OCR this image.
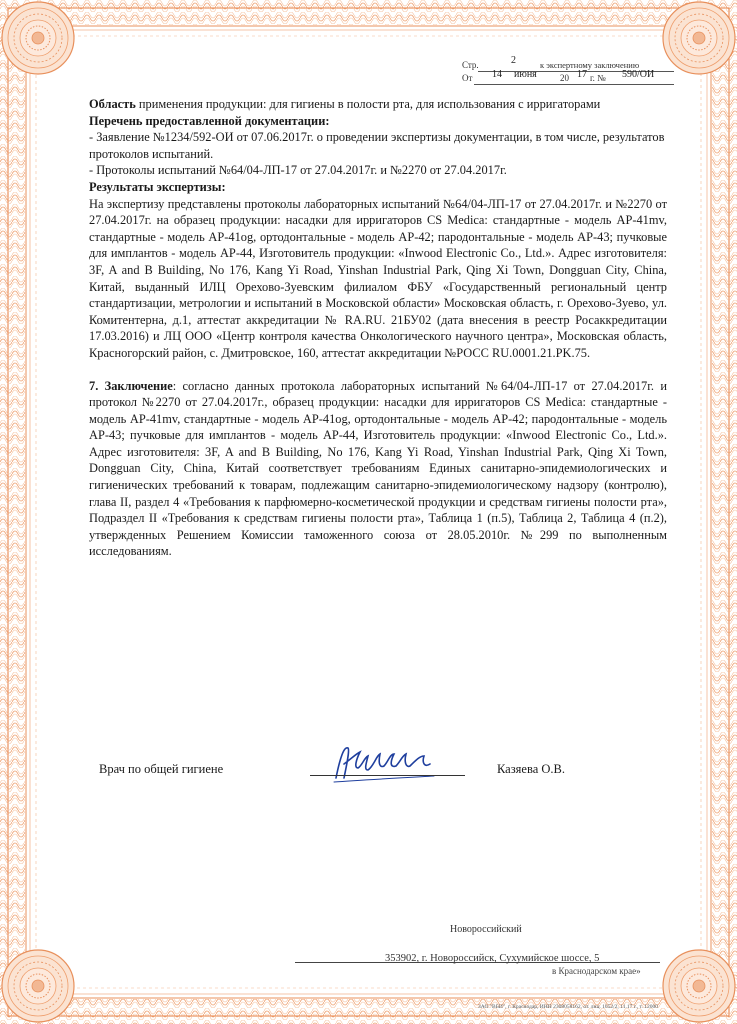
Стр.	2	к экспертному заключению
От 14 июня	20 17 г. № 590/ОИ

Область применения продукции: для гигиены в полости рта, для использования с ирригаторами

Перечень предоставленной документации:

- Заявление №1234/592-ОИ от 07.06.2017г. о проведении экспертизы документации, в том числе, результатов протоколов испытаний.

- Протоколы испытаний №64/04-ЛП-17 от 27.04.2017г. и №2270 от 27.04.2017г.

Результаты экспертизы:

На экспертизу представлены протоколы лабораторных испытаний №64/04-ЛП-17 от 27.04.2017г. и №2270 от 27.04.2017г. на образец продукции: насадки для ирригаторов CS Medica: стандартные - модель AP-41mv, стандартные - модель AP-41og, ортодонтальные - модель AP-42; пародонтальные - модель AP-43; пучковые для имплантов - модель AP-44, Изготовитель продукции: «Inwood Electronic Co., Ltd.». Адрес изготовителя: 3F, A and B Building, No 176, Kang Yi Road, Yinshan Industrial Park, Qing Xi Town, Dongguan City, China, Китай, выданный ИЛЦ Орехово-Зуевским филиалом ФБУ «Государственный региональный центр стандартизации, метрологии и испытаний в Московской области» Московская область, г. Орехово-Зуево, ул. Комитентерна, д.1, аттестат аккредитации № RA.RU. 21БУ02 (дата внесения в реестр Росаккредитации 17.03.2016) и ЛЦ ООО «Центр контроля качества Онкологического научного центра», Московская область, Красногорский район, с. Дмитровское, 160, аттестат аккредитации №РОСС RU.0001.21.PK.75.

7. Заключение: согласно данных протокола лабораторных испытаний №64/04-ЛП-17 от 27.04.2017г. и протокол №2270 от 27.04.2017г., образец продукции: насадки для ирригаторов CS Medica: стандартные - модель AP-41mv, стандартные - модель AP-41og, ортодонтальные - модель AP-42; пародонтальные - модель AP-43; пучковые для имплантов - модель AP-44, Изготовитель продукции: «Inwood Electronic Co., Ltd.». Адрес изготовителя: 3F, A and B Building, No 176, Kang Yi Road, Yinshan Industrial Park, Qing Xi Town, Dongguan City, China, Китай соответствует требованиям Единых санитарно-эпидемиологических и гигиенических требований к товарам, подлежащим санитарно-эпидемиологическому надзору (контролю), глава II, раздел 4 «Требования к парфюмерно-косметической продукции и средствам гигиены полости рта», Подраздел II «Требования к средствам гигиены полости рта», Таблица 1 (п.5), Таблица 2, Таблица 4 (п.2), утвержденных Решением Комиссии таможенного союза от 28.05.2010г. №299 по выполненным исследованиям.

Врач по общей гигиене	Казяева О.В.
Новороссийский
353902, г. Новороссийск, Сухумийское шоссе, 5
в Краснодарском крае»
ЗАО "ВБИ", г. Краснодар, ИНН 2308058162, от. лиц. 1052/2, 11.17 г., т. 12000
